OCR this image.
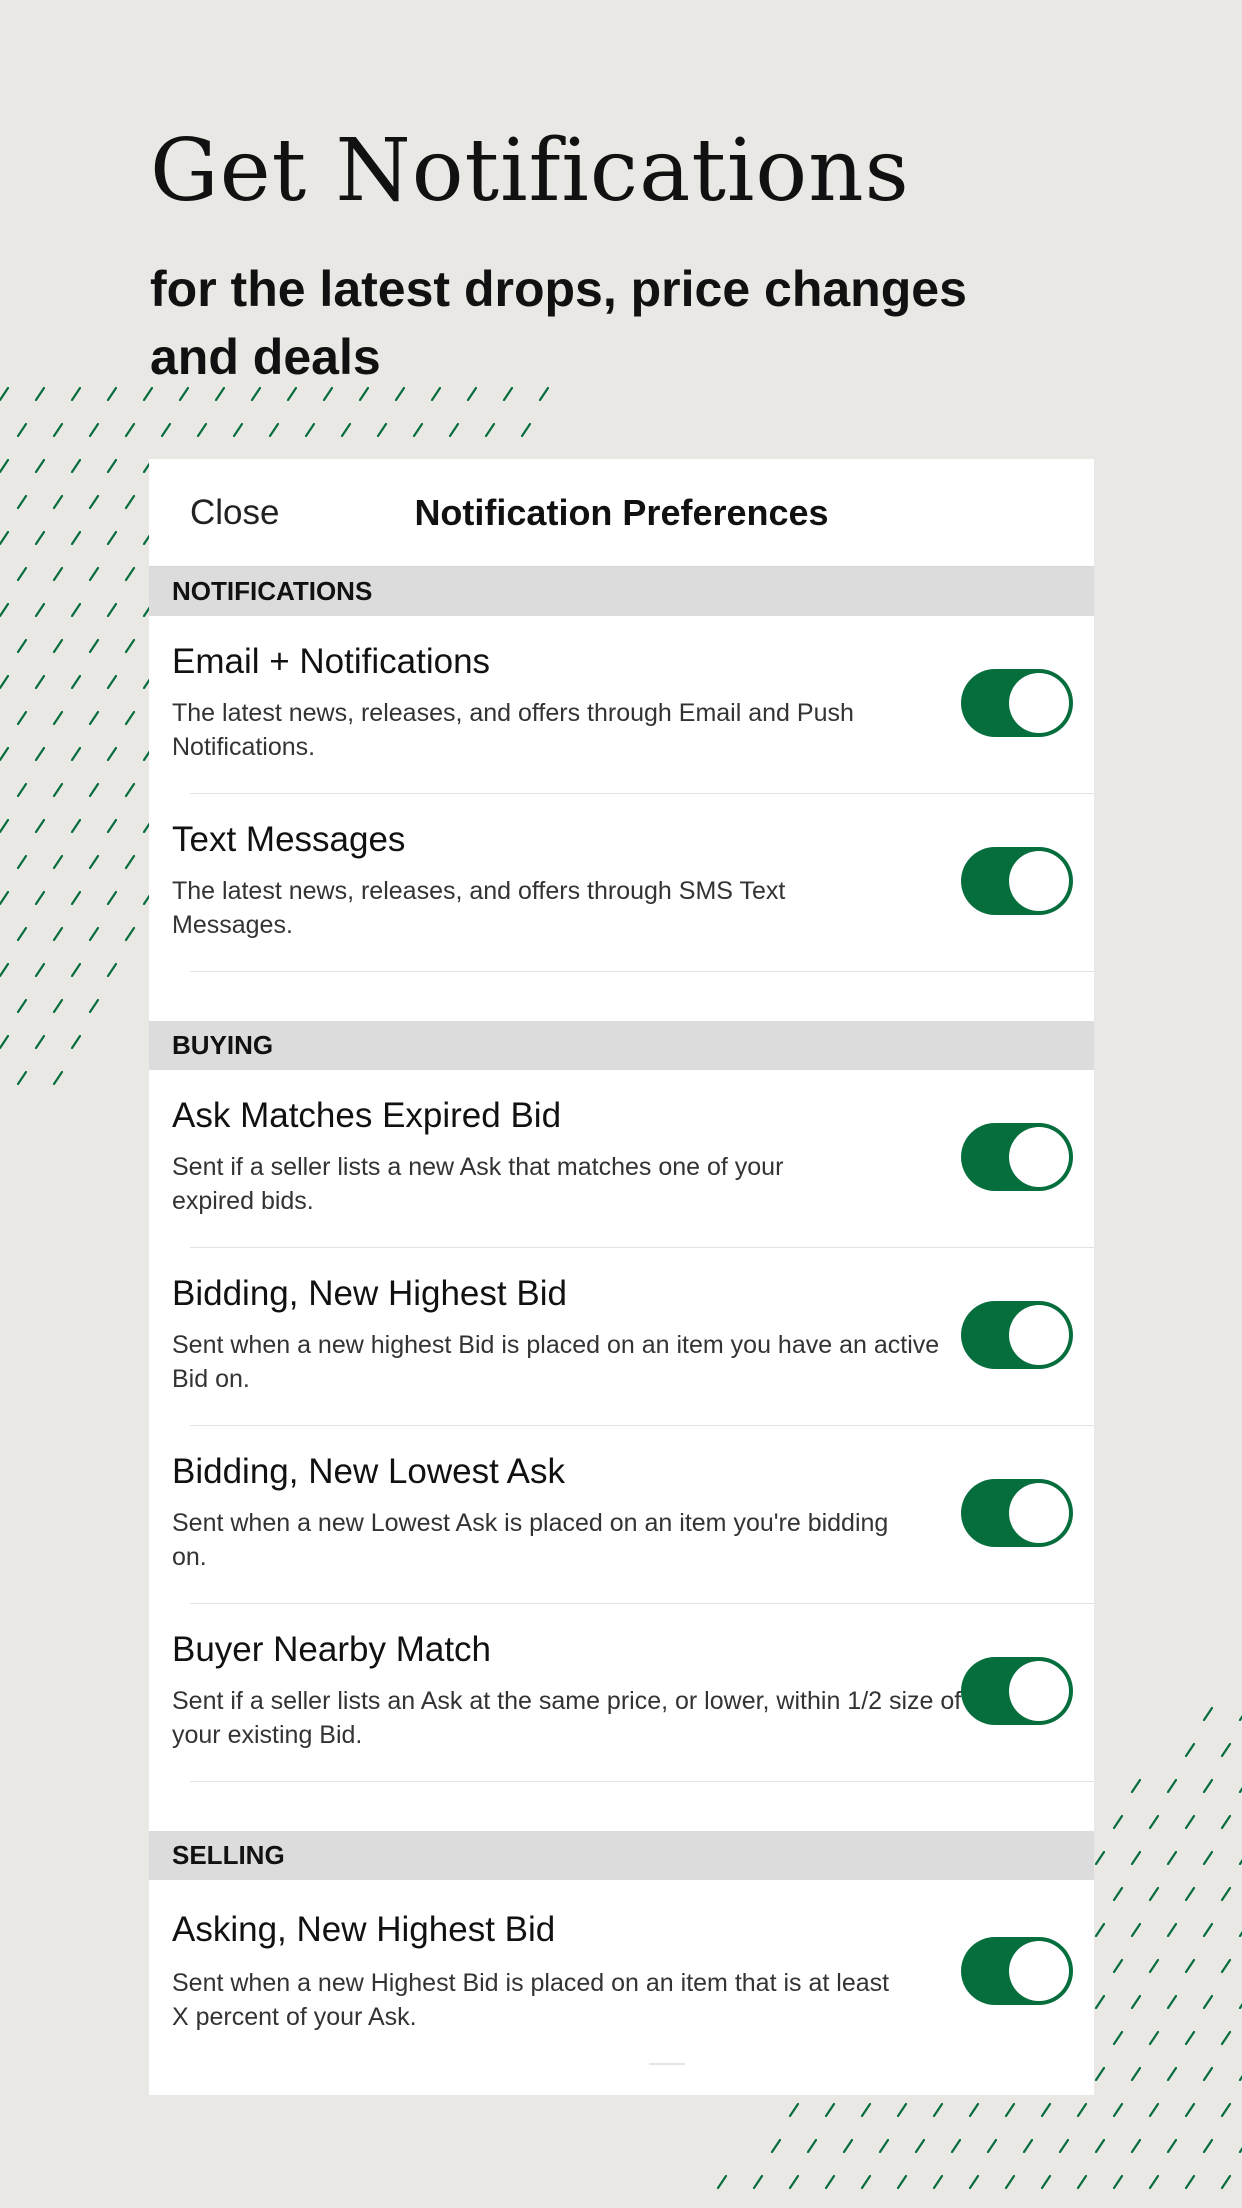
Get Notifications

for the latest drops, price changes and deals

Notification Preferences
Close
NOTIFICATIONS
Email + Notifications
The latest news, releases, and offers through Email and Push Notifications.
Text Messages
The latest news, releases, and offers through SMS Text Messages.
BUYING
Ask Matches Expired Bid
Sent if a seller lists a new Ask that matches one of your expired bids.
Bidding, New Highest Bid
Sent when a new highest Bid is placed on an item you have an active Bid on.
Bidding, New Lowest Ask
Sent when a new Lowest Ask is placed on an item you're bidding on.
Buyer Nearby Match
Sent if a seller lists an Ask at the same price, or lower, within 1/2 size of your existing Bid.
SELLING
Asking, New Highest Bid
Sent when a new Highest Bid is placed on an item that is at least X percent of your Ask.
